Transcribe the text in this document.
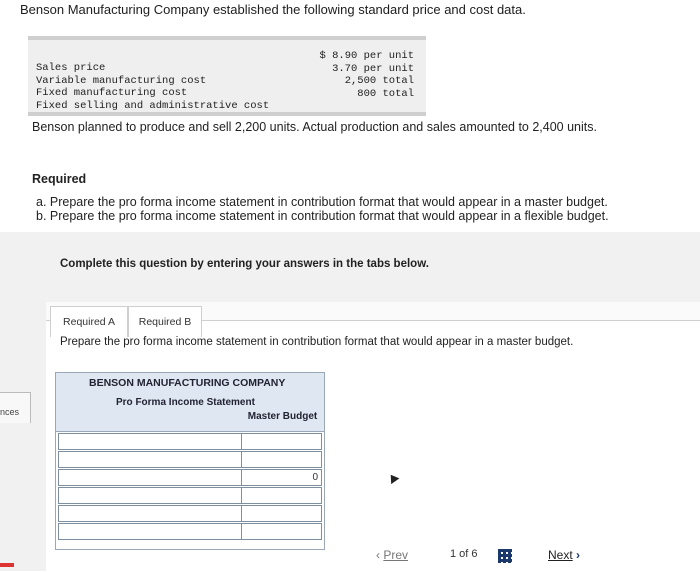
Benson Manufacturing Company established the following standard price and cost data.
Sales price
Variable manufacturing cost
Fixed manufacturing cost
Fixed selling and administrative cost
$ 8.90 per unit
3.70 per unit
2,500 total
800 total
Benson planned to produce and sell 2,200 units. Actual production and sales amounted to 2,400 units.
Required
a. Prepare the pro forma income statement in contribution format that would appear in a master budget.
b. Prepare the pro forma income statement in contribution format that would appear in a flexible budget.
nces
Complete this question by entering your answers in the tabs below.
Required A Required B
Prepare the pro forma income statement in contribution format that would appear in a master budget.
BENSON MANUFACTURING COMPANY
Pro Forma Income Statement
Master Budget
0
‹ Prev	1 of 6	Next ›
